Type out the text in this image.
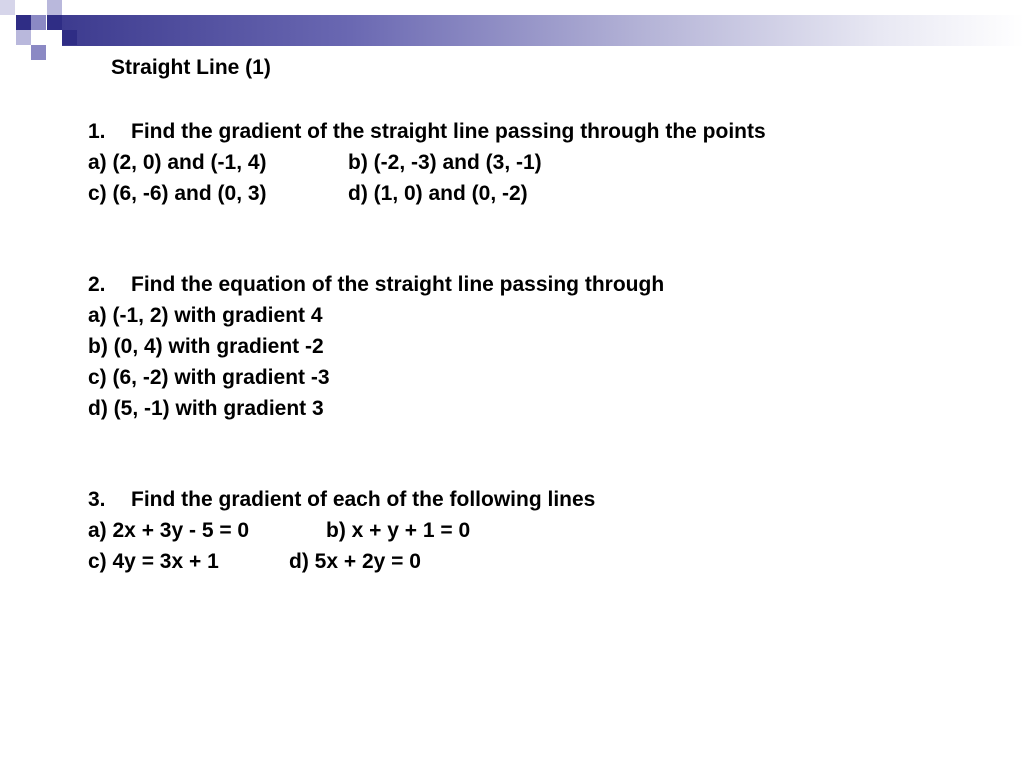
Straight Line (1)
1. Find the gradient of the straight line passing through the points
a) (2, 0) and (-1, 4)	b) (-2, -3) and (3, -1)
c) (6, -6) and (0, 3)	d) (1, 0) and (0, -2)
2. Find the equation of the straight line passing through
a) (-1, 2) with gradient 4
b) (0, 4) with gradient -2
c) (6, -2) with gradient -3
d) (5, -1) with gradient 3
3. Find the gradient of each of the following lines
a) 2x + 3y - 5 = 0	b) x + y + 1 = 0
c) 4y = 3x + 1	d) 5x + 2y = 0
